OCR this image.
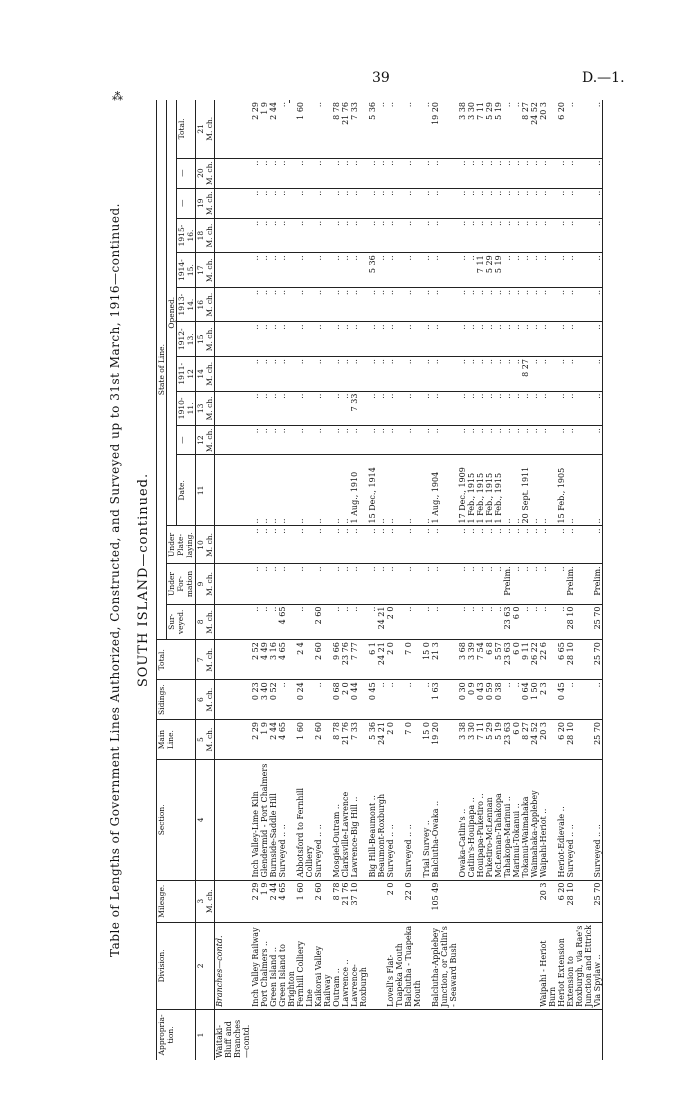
⁂
39
'
D.—1.
Table of Lengths of Government Lines Authorized, Constructed, and Surveyed up to 31st March, 1916—continued. SOUTH ISLAND—continued.
Appropria-tion.	Division.	Mileage.	Section.	Main Line.	Sidings.	Total.	State of Line.													
							Sur-veyed.	Under For-mation	Under Plate-laying.	Opened.										
										Date.	—	1910-11.	1911-12	1912-13.	1913-14.	1914-15.	1915-16.	—	—	Total.
1	2	3
M. ch.	4	5
M. ch.	6
M. ch.	7
M. ch.	8
M. ch.	9
M. ch.	10
M. ch.	11	12
M. ch.	13
M. ch.	14
M. ch.	15
M. ch.	16
M. ch.	17
M. ch.	18
M. ch.	19
M. ch.	20
M. ch.	21
M. ch.
Waitaki-Bluff and Branches —contd.	Branches—contd.																			
	Inch Valley Railway	2 29	Inch Valley-Lime Kiln	2 29	0 23	2 52	..	..	..	..	..	..	..	..	..	..	..	..	..	2 29
	Port Chalmers ..	1 9	Glendermid - Port Chalmers	1 9	3 40	4 49	..	..	..	..	..	..	..	..	..	..	..	..	..	1 9
	Green Island ..	2 44	Burnside-Saddle Hill	2 44	0 52	3 16	..	..	..	..	..	..	..	..	..	..	..	..	..	2 44
	Green Island to Brighton	4 65	Surveyed .. ..	4 65	..	4 65	4 65	..	..	..	..	..	..	..	..	..	..	..	..	..
	Fernhill Colliery Line	1 60	Abbotsford to Fernhill Colliery	1 60	0 24	2 4	..	..	..	..	..	..	..	..	..	..	..	..	..	1 60
	Kaikorai Valley Railway	2 60	Surveyed .. ..	2 60	..	2 60	2 60	..	..	..	..	..	..	..	..	..	..	..	..	..
	Outram ..	8 78	Mosgiel-Outram ..	8 78	0 68	9 66	..	..	..	..	..	..	..	..	..	..	..	..	..	8 78
	Lawrence ..	21 76	Clarksville-Lawrence	21 76	2 0	23 76	..	..	..	..	..	..	..	..	..	..	..	..	..	21 76
	Lawrence-Roxburgh	37 10	Lawrence-Big Hill ..	7 33	0 44	7 77	..	..	..	1 Aug., 1910	..	7 33	..	..	..	..	..	..	..	7 33
			Big Hill-Beaumont ..	5 36	0 45	6 1	..	..	..	15 Dec., 1914	..	..	..	..	..	5 36	..	..	..	5 36
			Beaumont-Roxburgh	24 21	..	24 21	24 21	..	..	..	..	..	..	..	..	..	..	..	..	..
	Lovell's Flat-Tuapeka Mouth	2 0	Surveyed .. ..	2 0	..	2 0	2 0	..	..	..	..	..	..	..	..	..	..	..	..	..
	Balclutha - Tuapeka Mouth	22 0	Surveyed .. ..	7 0	..	7 0	..	..	..	..	..	..	..	..	..	..	..	..	..	..
			Trial Survey ..	15 0	..	15 0	..	..	..	..	..	..	..	..	..	..	..	..	..	..
	Balclutha-Applebey Junction, or Catlin's - Seaward Bush	105 49	Balclutha-Owaka ..	19 20	1 63	21 3	..	..	..	1 Aug., 1904	..	..	..	..	..	..	..	..	..	19 20
			Owaka-Catlin's ..	3 38	0 30	3 68	..	..	..	17 Dec., 1909	..	..	..	..	..	..	..	..	..	3 38
			Catlin's-Houipapa ..	3 30	0 9	3 39	..	..	..	1 Feb., 1915	..	..	..	..	..	..	..	..	..	3 30
			Houipapa-Puketiro ..	7 11	0 43	7 54	..	..	..	1 Feb., 1915	..	..	..	..	..	7 11	..	..	..	7 11
			Puketiro-McLennan	5 29	0 59	6 8	..	..	..	1 Feb., 1915	..	..	..	..	..	5 29	..	..	..	5 29
			McLennan-Tahakopa	5 19	0 38	5 57	..	..	..	1 Feb., 1915	..	..	..	..	..	5 19	..	..	..	5 19
			Tahakopa-Marinui ..	23 63	..	23 63	23 63	Prelim.	..	..	..	..	..	..	..	..	..	..	..	..
			Marinui-Tokanui ..	6 0	..	6 0	6 0	..	..	..	..	..	..	..	..	..	..	..	..	..
			Tokanui-Waimahaka	8 27	0 64	9 11	..	..	..	20 Sept. 1911	..	..	8 27	..	..	..	..	..	..	8 27
			Waimahaka-Applebey	24 52	1 50	26 22	..	..	..	..	..	..	..	..	..	..	..	..	..	24 52
	Waipahi - Heriot Burn	20 3	Waipahi-Heriot ..	20 3	2 3	22 6	..	..	..	..	..	..	..	..	..	..	..	..	..	20 3
	Heriot Extension	6 20	Heriot-Edievale ..	6 20	0 45	6 65	..	..	..	15 Feb., 1905	..	..	..	..	..	..	..	..	..	6 20
	Extension to Roxburgh, via Rae's Junction and Ettrick	28 10	Surveyed .. ..	28 10	..	28 10	28 10	Prelim.	..	..	..	..	..	..	..	..	..	..	..	..
	Via Spylaw ..	25 70	Surveyed .. ..	25 70	..	25 70	25 70	Prelim.	..	..	..	..	..	..	..	..	..	..	..	..
